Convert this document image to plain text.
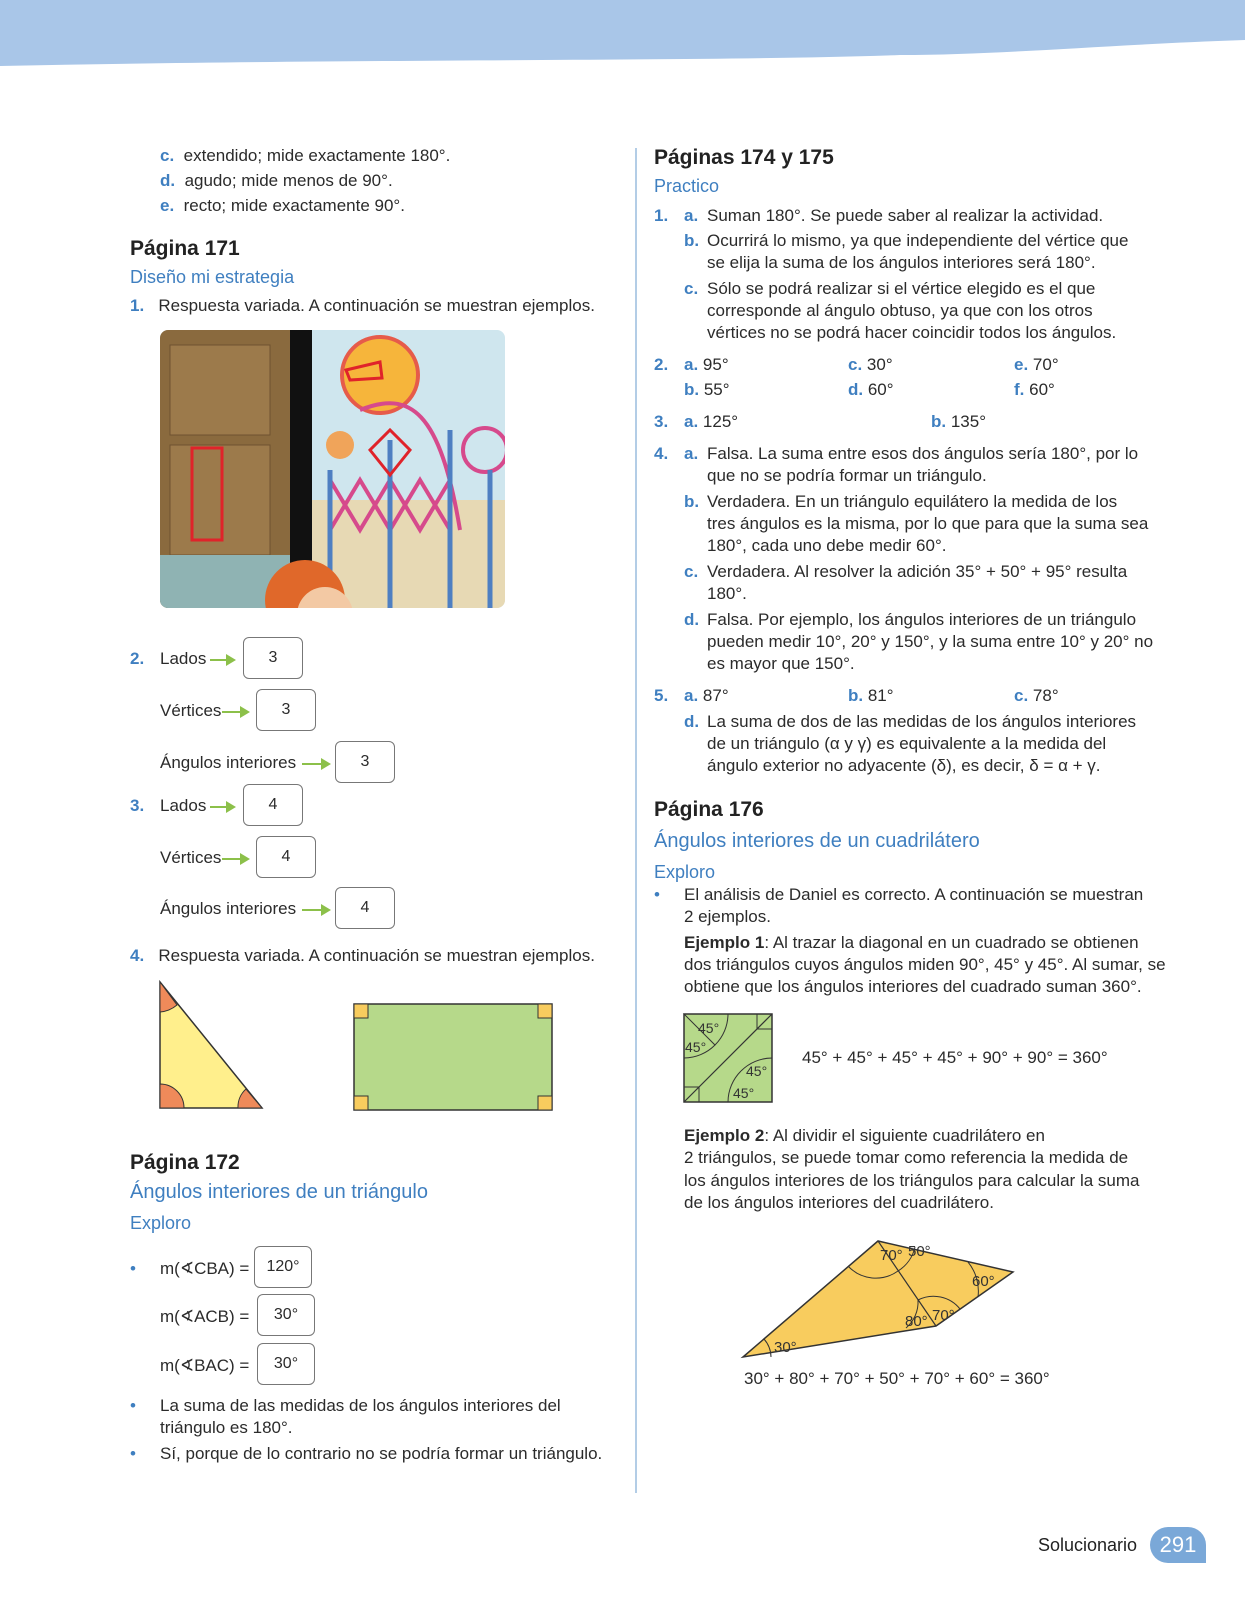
c. extendido; mide exactamente 180°.
d. agudo; mide menos de 90°.
e. recto; mide exactamente 90°.
Página 171
Diseño mi estrategia
1. Respuesta variada. A continuación se muestran ejemplos.
2. Lados	3
Vértices	3
Ángulos interiores	3
3. Lados	4
Vértices	4
Ángulos interiores	4
4. Respuesta variada. A continuación se muestran ejemplos.
Página 172
Ángulos interiores de un triángulo
Exploro
• m(∢CBA) =	120°
m(∢ACB) =	30°
m(∢BAC) =	30°
• La suma de las medidas de los ángulos interiores del
triángulo es 180°.
• Sí, porque de lo contrario no se podría formar un triángulo.
Páginas 174 y 175
Practico
1. a. Suman 180°. Se puede saber al realizar la actividad.
b. Ocurrirá lo mismo, ya que independiente del vértice que
se elija la suma de los ángulos interiores será 180°.
c. Sólo se podrá realizar si el vértice elegido es el que
corresponde al ángulo obtuso, ya que con los otros
vértices no se podrá hacer coincidir todos los ángulos.
2. a. 95°	c. 30°	e. 70°
b. 55°	d. 60°	f. 60°
3. a. 125°	b. 135°
4. a. Falsa. La suma entre esos dos ángulos sería 180°, por lo
que no se podría formar un triángulo.
b. Verdadera. En un triángulo equilátero la medida de los
tres ángulos es la misma, por lo que para que la suma sea
180°, cada uno debe medir 60°.
c. Verdadera. Al resolver la adición 35° + 50° + 95° resulta
180°.
d. Falsa. Por ejemplo, los ángulos interiores de un triángulo
pueden medir 10°, 20° y 150°, y la suma entre 10° y 20° no
es mayor que 150°.
5. a. 87°	b. 81°	c. 78°
d. La suma de dos de las medidas de los ángulos interiores
de un triángulo (α y γ) es equivalente a la medida del
ángulo exterior no adyacente (δ), es decir, δ = α + γ.
Página 176
Ángulos interiores de un cuadrilátero
Exploro
• El análisis de Daniel es correcto. A continuación se muestran
2 ejemplos.
Ejemplo 1: Al trazar la diagonal en un cuadrado se obtienen
dos triángulos cuyos ángulos miden 90°, 45° y 45°. Al sumar, se
obtiene que los ángulos interiores del cuadrado suman 360°.
45°
45°
45°
45°
45° + 45° + 45° + 45° + 90° + 90° = 360°
Ejemplo 2: Al dividir el siguiente cuadrilátero en
2 triángulos, se puede tomar como referencia la medida de
los ángulos interiores de los triángulos para calcular la suma
de los ángulos interiores del cuadrilátero.
70° 50°
60°
80° 70°
30°
30° + 80° + 70° + 50° + 70° + 60° = 360°
Solucionario	291
